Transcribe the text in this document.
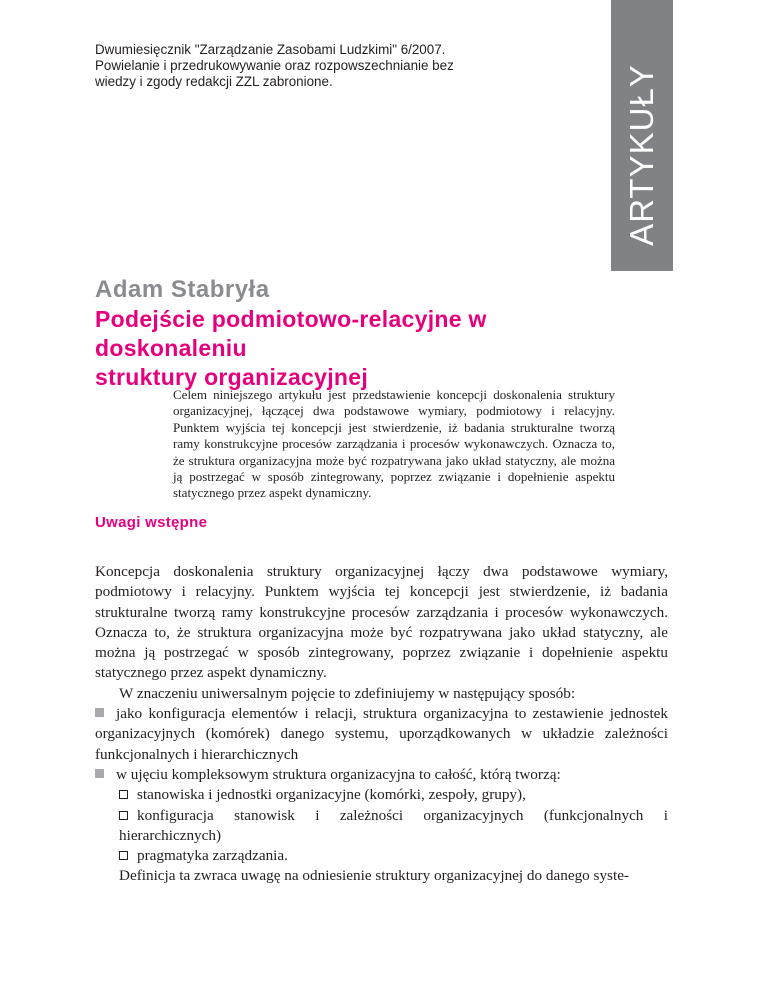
Dwumiesięcznik "Zarządzanie Zasobami Ludzkimi" 6/2007.
Powielanie i przedrukowywanie oraz rozpowszechnianie bez
wiedzy i zgody redakcji ZZL zabronione.	ARTYKUŁY
Adam Stabryła
Podejście podmiotowo-relacyjne w doskonaleniu
struktury organizacyjnej
Celem niniejszego artykułu jest przedstawienie koncepcji doskonalenia struktury organizacyjnej, łączącej dwa podstawowe wymiary, podmiotowy i relacyjny. Punktem wyjścia tej koncepcji jest stwierdzenie, iż badania strukturalne tworzą ramy konstrukcyjne procesów zarządzania i procesów wykonawczych. Oznacza to, że struktura organizacyjna może być rozpatrywana jako układ statyczny, ale można ją postrzegać w sposób zintegrowany, poprzez związanie i dopełnienie aspektu statycznego przez aspekt dynamiczny.
Uwagi wstępne

Koncepcja doskonalenia struktury organizacyjnej łączy dwa podstawowe wymiary, podmiotowy i relacyjny. Punktem wyjścia tej koncepcji jest stwierdzenie, iż badania strukturalne tworzą ramy konstrukcyjne procesów zarządzania i procesów wykonawczych. Oznacza to, że struktura organizacyjna może być rozpatrywana jako układ statyczny, ale można ją postrzegać w sposób zintegrowany, poprzez związanie i dopełnienie aspektu statycznego przez aspekt dynamiczny.

W znaczeniu uniwersalnym pojęcie to zdefiniujemy w następujący sposób:

jako konfiguracja elementów i relacji, struktura organizacyjna to zestawienie jednostek organizacyjnych (komórek) danego systemu, uporządkowanych w układzie zależności funkcjonalnych i hierarchicznych

w ujęciu kompleksowym struktura organizacyjna to całość, którą tworzą:

stanowiska i jednostki organizacyjne (komórki, zespoły, grupy),

konfiguracja stanowisk i zależności organizacyjnych (funkcjonalnych i hierarchicznych)

pragmatyka zarządzania.

Definicja ta zwraca uwagę na odniesienie struktury organizacyjnej do danego syste-
